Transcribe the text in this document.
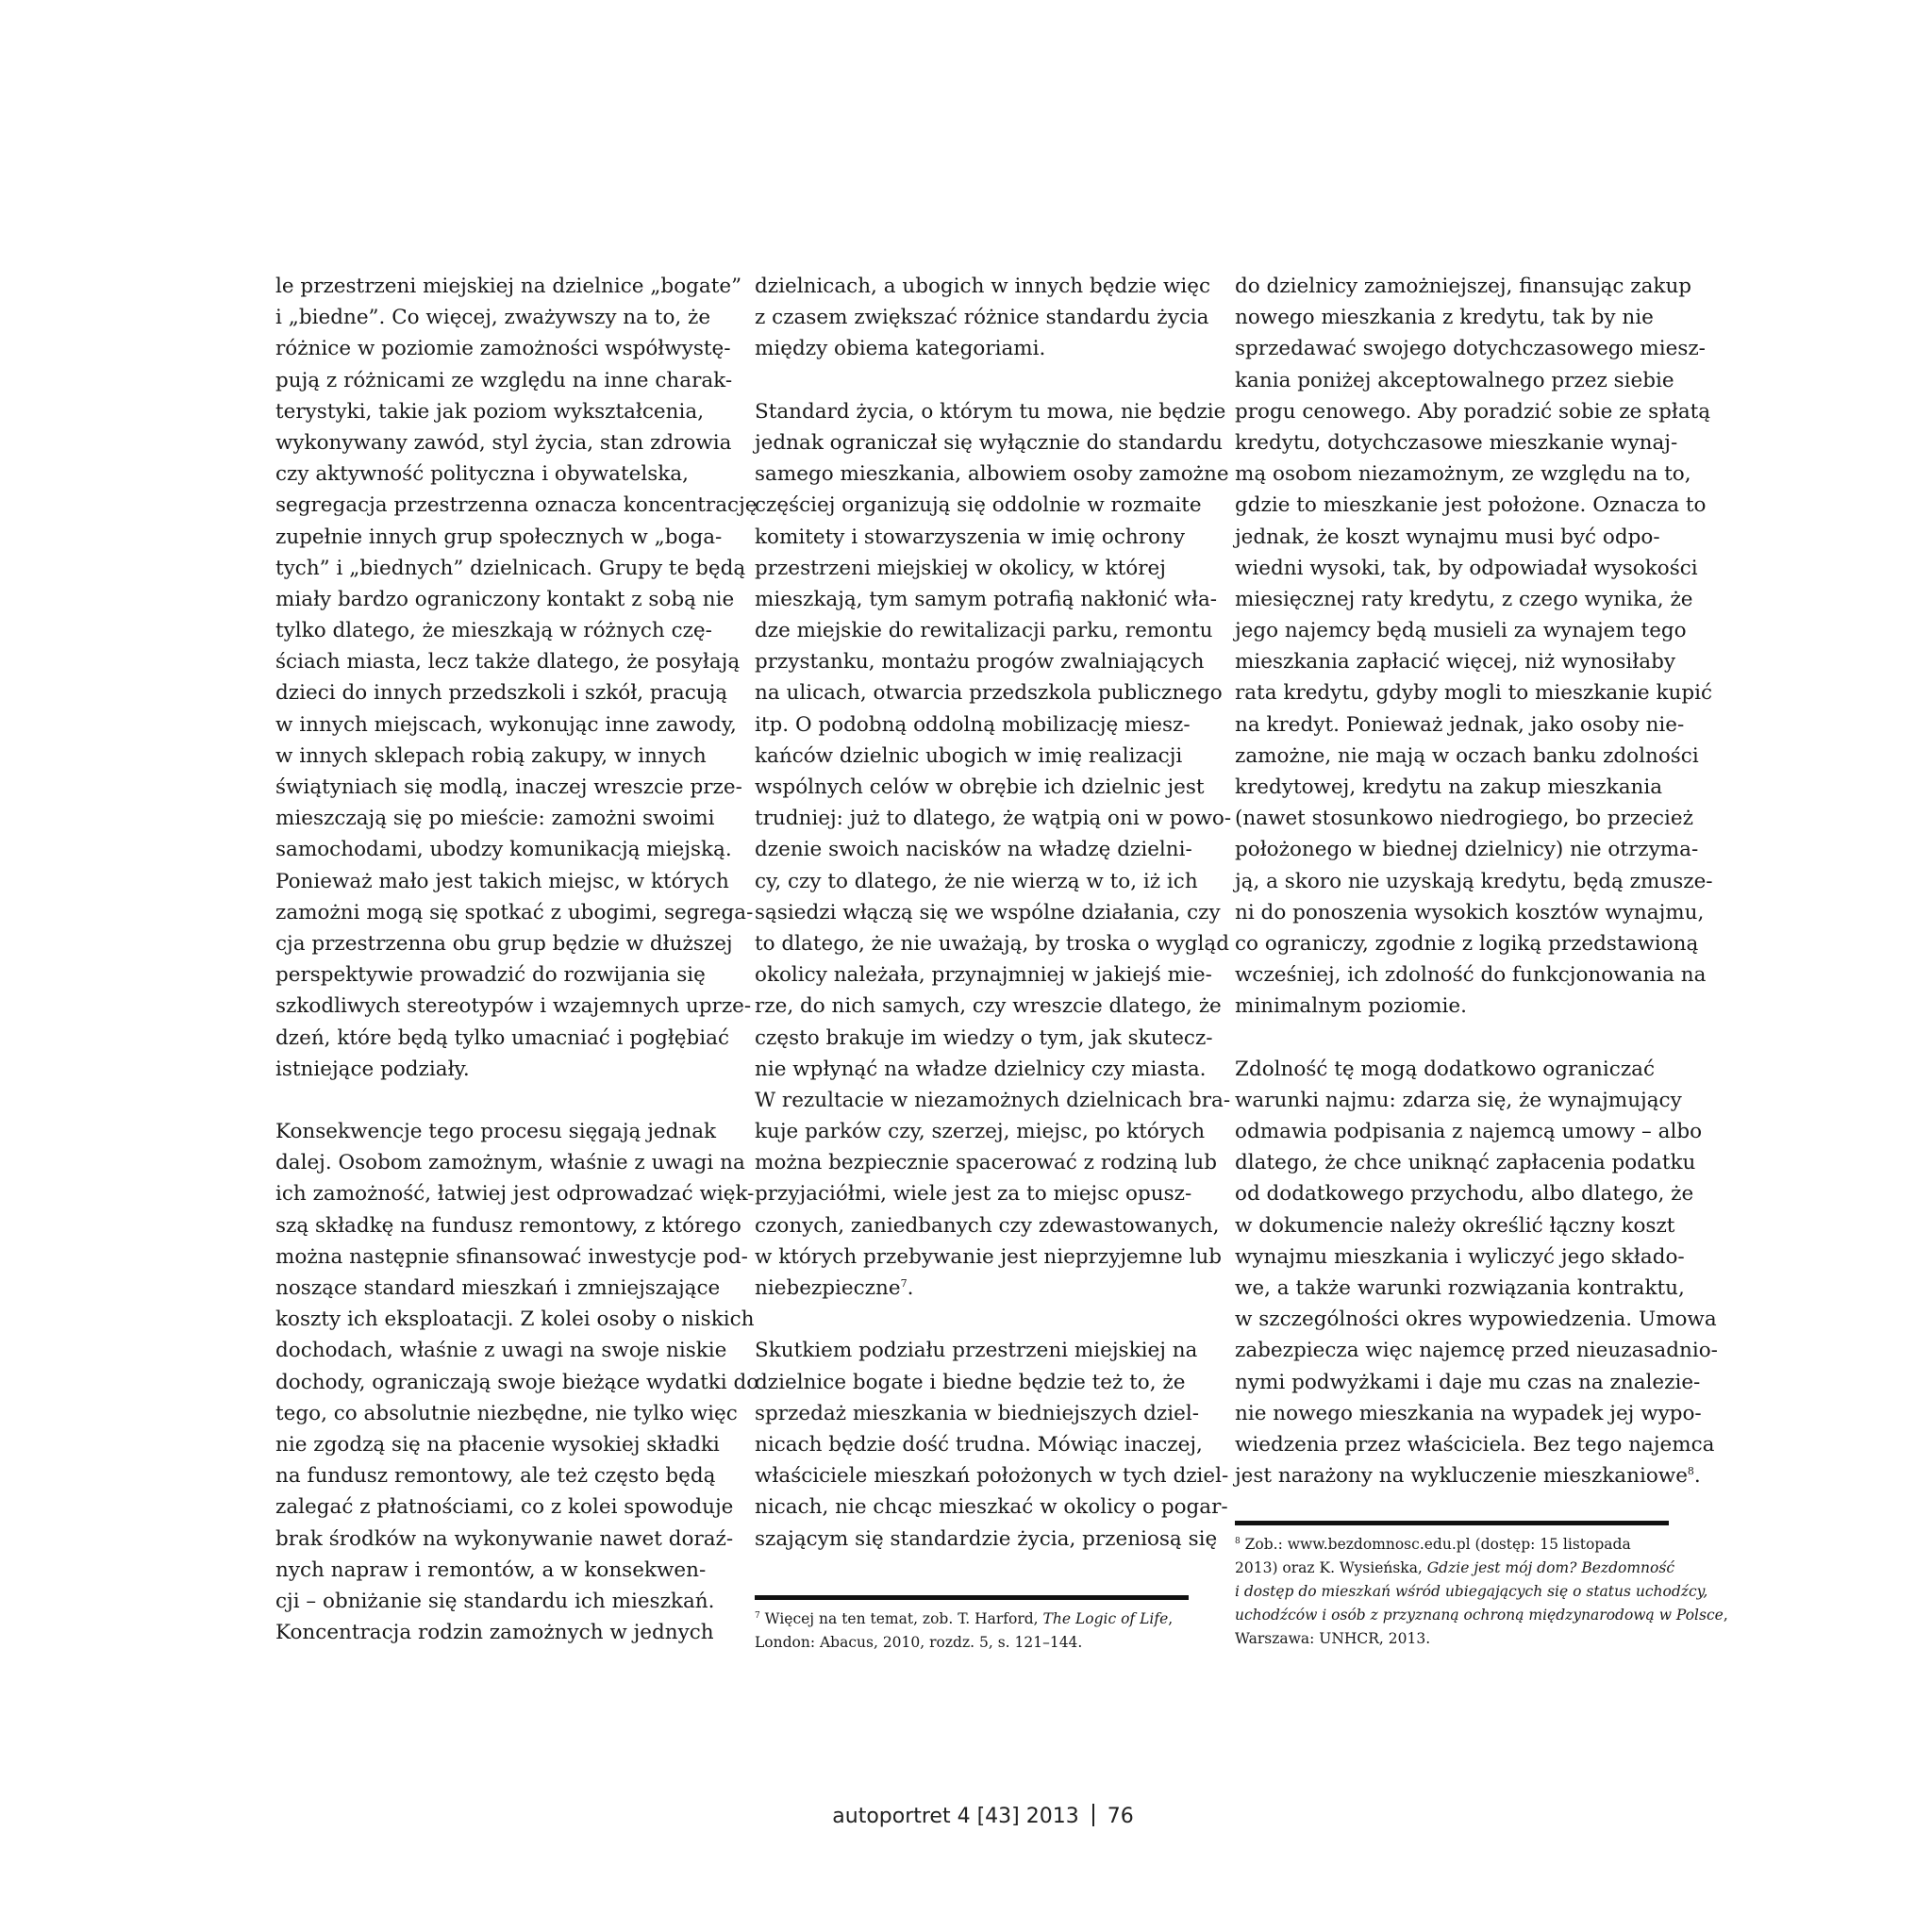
le przestrzeni miejskiej na dzielnice „bogate”
i „biedne”. Co więcej, zważywszy na to, że
różnice w poziomie zamożności współwystę-
pują z różnicami ze względu na inne charak-
terystyki, takie jak poziom wykształcenia,
wykonywany zawód, styl życia, stan zdrowia
czy aktywność polityczna i obywatelska,
segregacja przestrzenna oznacza koncentrację
zupełnie innych grup społecznych w „boga-
tych” i „biednych” dzielnicach. Grupy te będą
miały bardzo ograniczony kontakt z sobą nie
tylko dlatego, że mieszkają w różnych czę-
ściach miasta, lecz także dlatego, że posyłają
dzieci do innych przedszkoli i szkół, pracują
w innych miejscach, wykonując inne zawody,
w innych sklepach robią zakupy, w innych
świątyniach się modlą, inaczej wreszcie prze-
mieszczają się po mieście: zamożni swoimi
samochodami, ubodzy komunikacją miejską.
Ponieważ mało jest takich miejsc, w których
zamożni mogą się spotkać z ubogimi, segrega-
cja przestrzenna obu grup będzie w dłuższej
perspektywie prowadzić do rozwijania się
szkodliwych stereotypów i wzajemnych uprze-
dzeń, które będą tylko umacniać i pogłębiać
istniejące podziały.
Konsekwencje tego procesu sięgają jednak
dalej. Osobom zamożnym, właśnie z uwagi na
ich zamożność, łatwiej jest odprowadzać więk-
szą składkę na fundusz remontowy, z którego
można następnie sfinansować inwestycje pod-
noszące standard mieszkań i zmniejszające
koszty ich eksploatacji. Z kolei osoby o niskich
dochodach, właśnie z uwagi na swoje niskie
dochody, ograniczają swoje bieżące wydatki do
tego, co absolutnie niezbędne, nie tylko więc
nie zgodzą się na płacenie wysokiej składki
na fundusz remontowy, ale też często będą
zalegać z płatnościami, co z kolei spowoduje
brak środków na wykonywanie nawet doraź-
nych napraw i remontów, a w konsekwen-
cji – obniżanie się standardu ich mieszkań.
Koncentracja rodzin zamożnych w jednych
dzielnicach, a ubogich w innych będzie więc
z czasem zwiększać różnice standardu życia
między obiema kategoriami.
Standard życia, o którym tu mowa, nie będzie
jednak ograniczał się wyłącznie do standardu
samego mieszkania, albowiem osoby zamożne
częściej organizują się oddolnie w rozmaite
komitety i stowarzyszenia w imię ochrony
przestrzeni miejskiej w okolicy, w której
mieszkają, tym samym potrafią nakłonić wła-
dze miejskie do rewitalizacji parku, remontu
przystanku, montażu progów zwalniających
na ulicach, otwarcia przedszkola publicznego
itp. O podobną oddolną mobilizację miesz-
kańców dzielnic ubogich w imię realizacji
wspólnych celów w obrębie ich dzielnic jest
trudniej: już to dlatego, że wątpią oni w powo-
dzenie swoich nacisków na władzę dzielni-
cy, czy to dlatego, że nie wierzą w to, iż ich
sąsiedzi włączą się we wspólne działania, czy
to dlatego, że nie uważają, by troska o wygląd
okolicy należała, przynajmniej w jakiejś mie-
rze, do nich samych, czy wreszcie dlatego, że
często brakuje im wiedzy o tym, jak skutecz-
nie wpłynąć na władze dzielnicy czy miasta.
W rezultacie w niezamożnych dzielnicach bra-
kuje parków czy, szerzej, miejsc, po których
można bezpiecznie spacerować z rodziną lub
przyjaciółmi, wiele jest za to miejsc opusz-
czonych, zaniedbanych czy zdewastowanych,
w których przebywanie jest nieprzyjemne lub
niebezpieczne$^7$.
Skutkiem podziału przestrzeni miejskiej na
dzielnice bogate i biedne będzie też to, że
sprzedaż mieszkania w biedniejszych dziel-
nicach będzie dość trudna. Mówiąc inaczej,
właściciele mieszkań położonych w tych dziel-
nicach, nie chcąc mieszkać w okolicy o pogar-
szającym się standardzie życia, przeniosą się
do dzielnicy zamożniejszej, finansując zakup
nowego mieszkania z kredytu, tak by nie
sprzedawać swojego dotychczasowego miesz-
kania poniżej akceptowalnego przez siebie
progu cenowego. Aby poradzić sobie ze spłatą
kredytu, dotychczasowe mieszkanie wynaj-
mą osobom niezamożnym, ze względu na to,
gdzie to mieszkanie jest położone. Oznacza to
jednak, że koszt wynajmu musi być odpo-
wiedni wysoki, tak, by odpowiadał wysokości
miesięcznej raty kredytu, z czego wynika, że
jego najemcy będą musieli za wynajem tego
mieszkania zapłacić więcej, niż wynosiłaby
rata kredytu, gdyby mogli to mieszkanie kupić
na kredyt. Ponieważ jednak, jako osoby nie-
zamożne, nie mają w oczach banku zdolności
kredytowej, kredytu na zakup mieszkania
(nawet stosunkowo niedrogiego, bo przecież
położonego w biednej dzielnicy) nie otrzyma-
ją, a skoro nie uzyskają kredytu, będą zmusze-
ni do ponoszenia wysokich kosztów wynajmu,
co ograniczy, zgodnie z logiką przedstawioną
wcześniej, ich zdolność do funkcjonowania na
minimalnym poziomie.
Zdolność tę mogą dodatkowo ograniczać
warunki najmu: zdarza się, że wynajmujący
odmawia podpisania z najemcą umowy – albo
dlatego, że chce uniknąć zapłacenia podatku
od dodatkowego przychodu, albo dlatego, że
w dokumencie należy określić łączny koszt
wynajmu mieszkania i wyliczyć jego składo-
we, a także warunki rozwiązania kontraktu,
w szczególności okres wypowiedzenia. Umowa
zabezpiecza więc najemcę przed nieuzasadnio-
nymi podwyżkami i daje mu czas na znalezie-
nie nowego mieszkania na wypadek jej wypo-
wiedzenia przez właściciela. Bez tego najemca
jest narażony na wykluczenie mieszkaniowe$^8$.
$^7$ Więcej na ten temat, zob. T. Harford, The Logic of Life,
London: Abacus, 2010, rozdz. 5, s. 121–144.
$^8$ Zob.: www.bezdomnosc.edu.pl (dostęp: 15 listopada
2013) oraz K. Wysieńska, Gdzie jest mój dom? Bezdomność
i dostęp do mieszkań wśród ubiegających się o status uchodźcy,
uchodźców i osób z przyznaną ochroną międzynarodową w Polsce,
Warszawa: UNHCR, 2013.
autoportret 4 [43] 2013 76
